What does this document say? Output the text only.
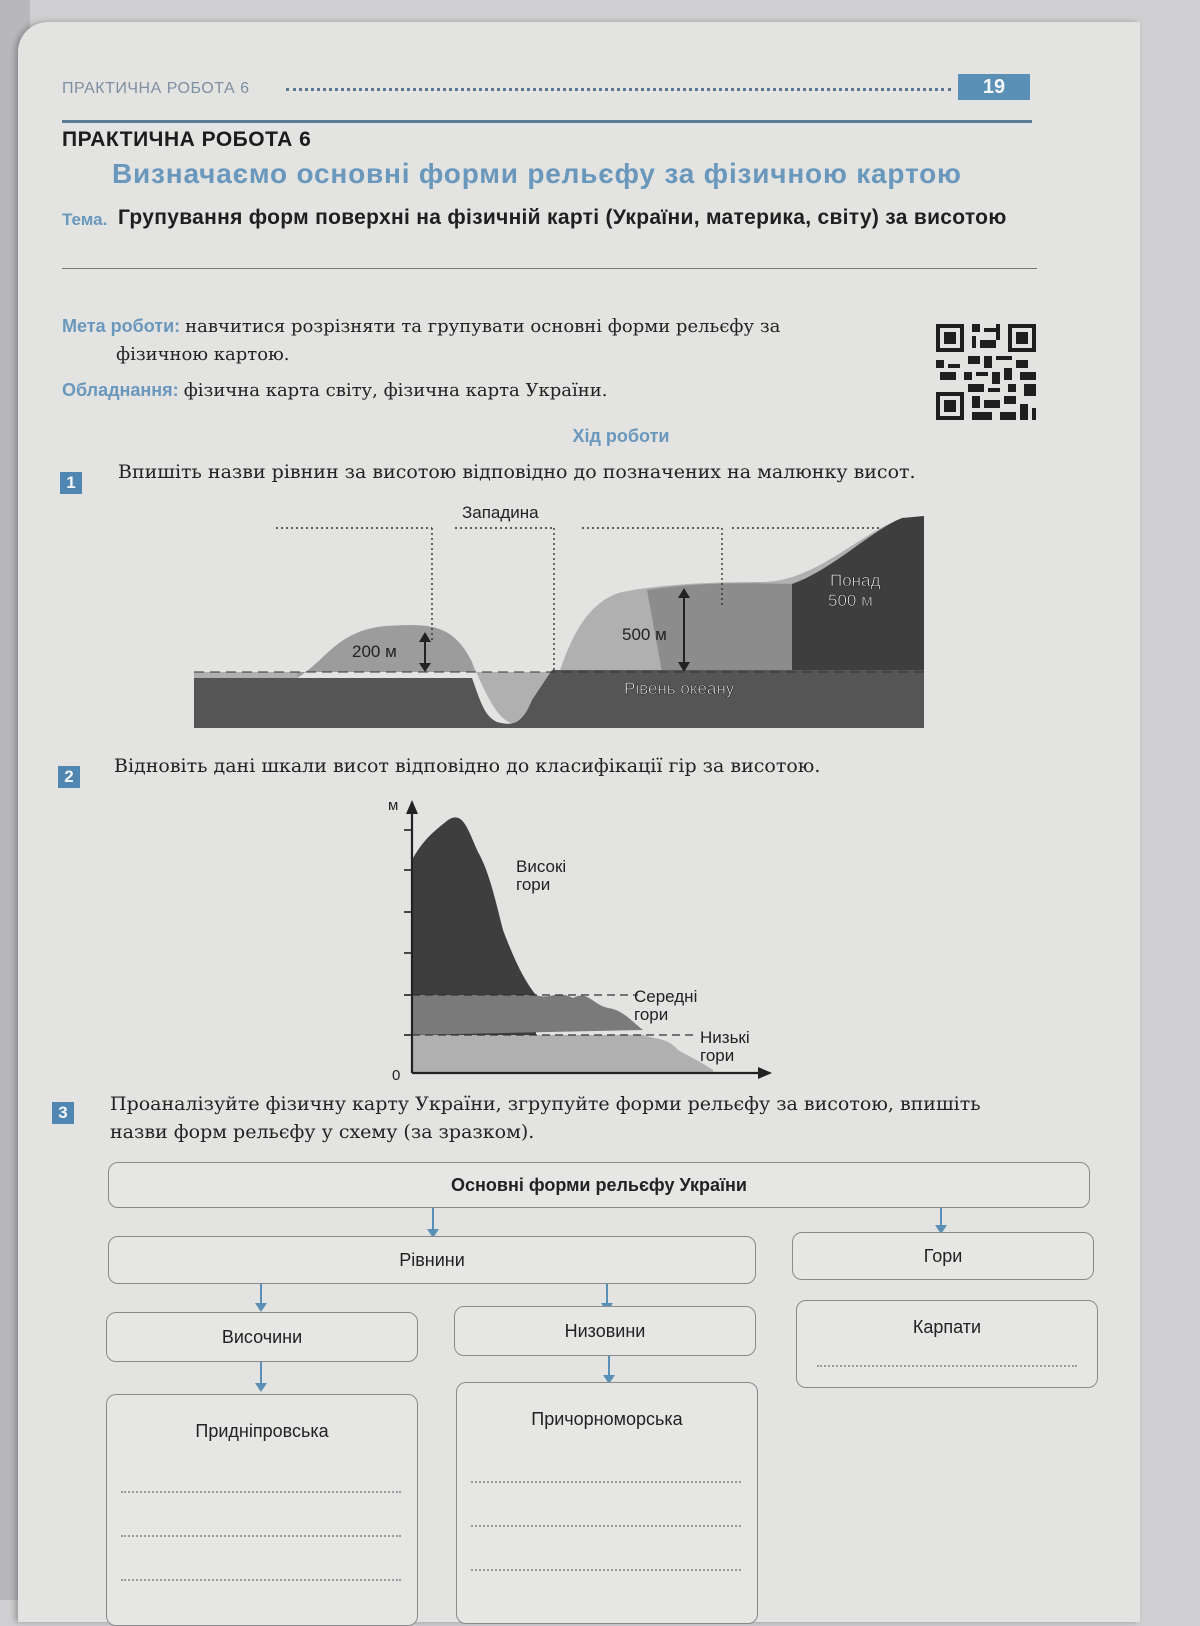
ПРАКТИЧНА РОБОТА 6	19
ПРАКТИЧНА РОБОТА 6
Визначаємо основні форми рельєфу за фізичною картою
Тема. Групування форм поверхні на фізичній карті (України, материка, світу) за висотою
Мета роботи: навчитися розрізняти та групувати основні форми рельєфу за
фізичною картою.
Обладнання: фізична карта світу, фізична карта України.
Хід роботи
1	Впишіть назви рівнин за висотою відповідно до позначених на малюнку висот.
200 м
Западина
500 м
Понад
500 м
Рівень океану
2	Відновіть дані шкали висот відповідно до класифікації гір за висотою.
м
0
Високі
гори
Середні
гори
Низькі
гори
3	Проаналізуйте фізичну карту України, згрупуйте форми рельєфу за висотою, впишіть
назви форм рельєфу у схему (за зразком).
Основні форми рельєфу України
Рівнини	Гори
Височини	Низовини	Карпати
Придніпровська
Причорноморська
